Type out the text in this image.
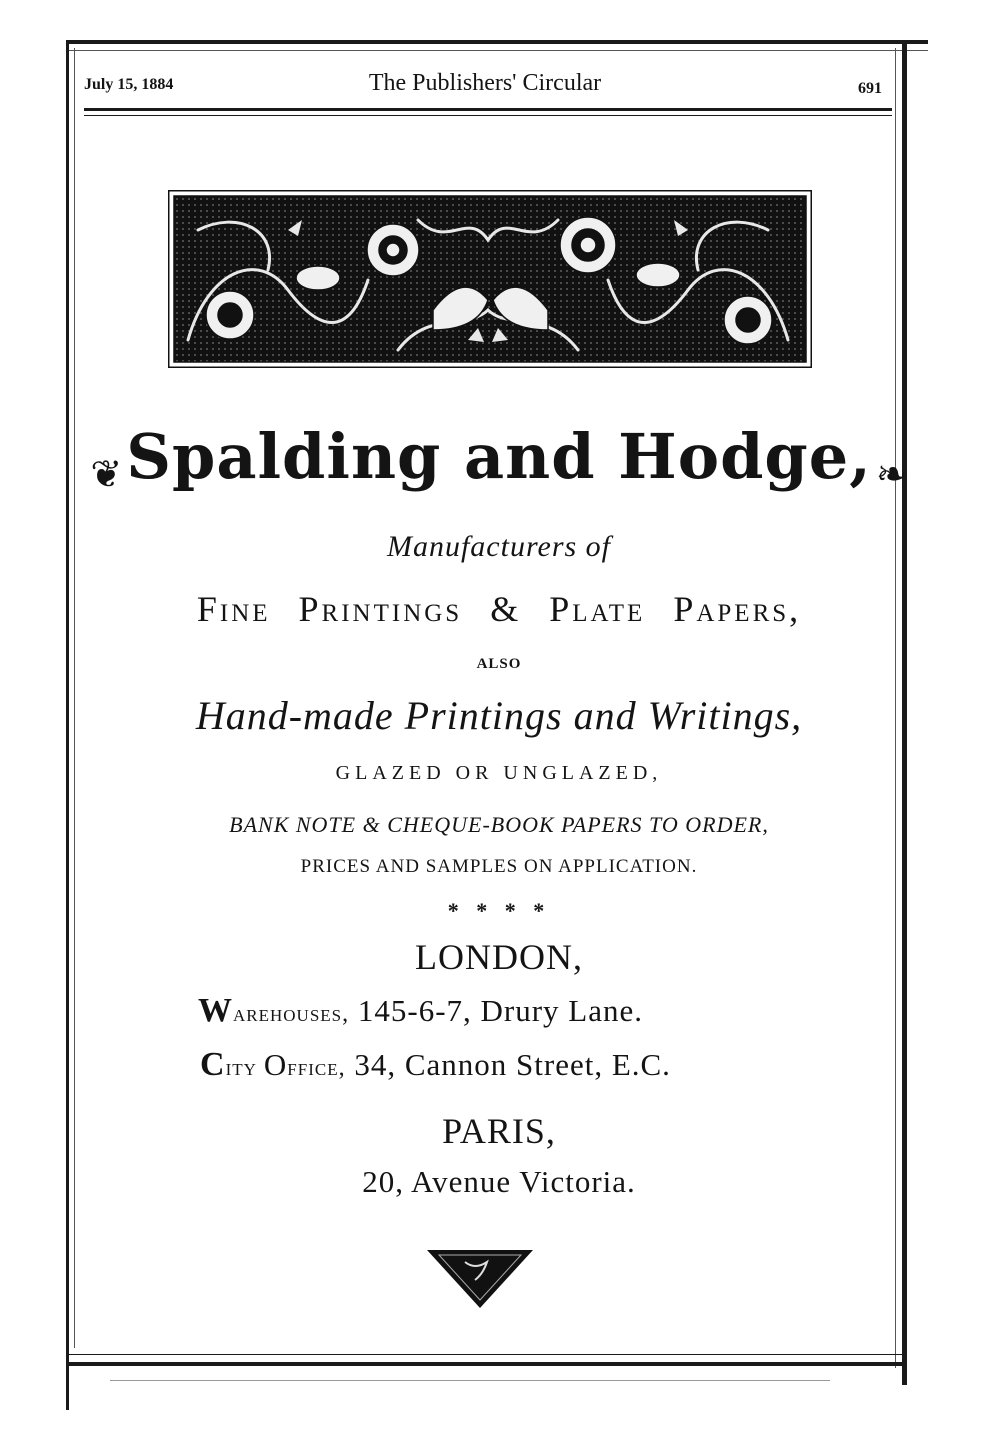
July 15, 1884	The Publishers' Circular	691
❦ Spalding and Hodge, ❧
Manufacturers of
Fine Printings & Plate Papers,
ALSO
Hand-made Printings and Writings,
GLAZED OR UNGLAZED,
BANK NOTE & CHEQUE-BOOK PAPERS TO ORDER,
PRICES AND SAMPLES ON APPLICATION.
* * * *
LONDON,
Warehouses, 145-6-7, Drury Lane.
City Office, 34, Cannon Street, E.C.
PARIS,
20, Avenue Victoria.
